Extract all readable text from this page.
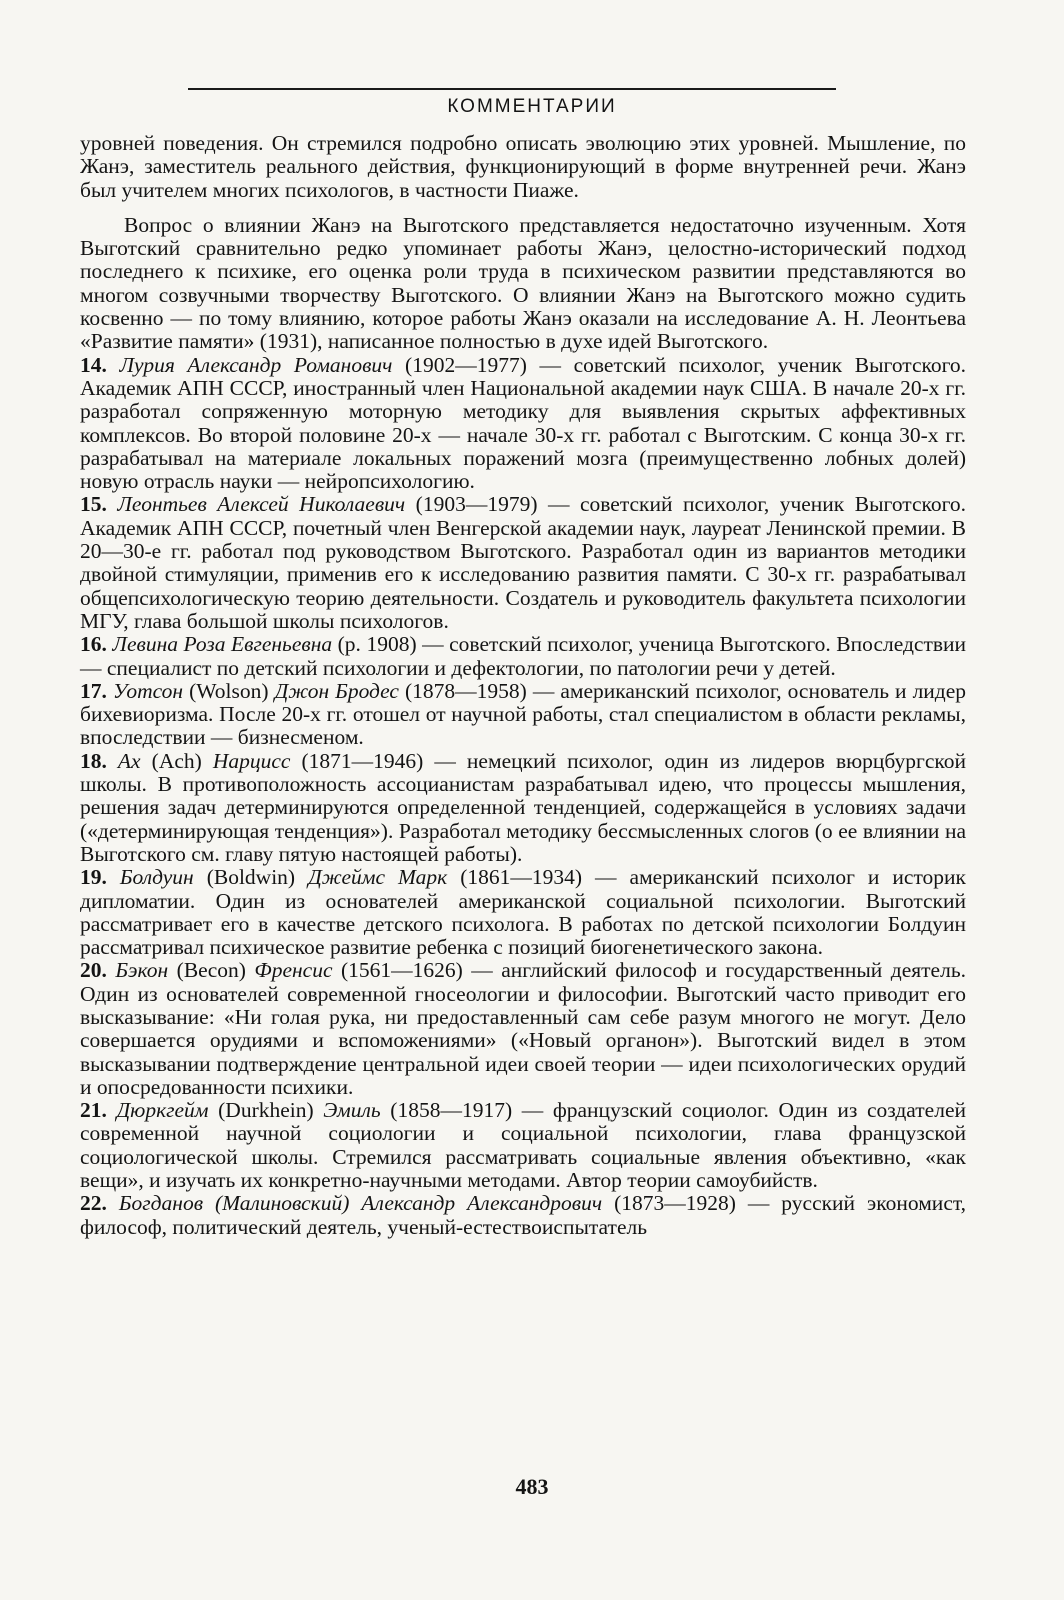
КОММЕНТАРИИ

уровней поведения. Он стремился подробно описать эволюцию этих уровней. Мышление, по Жанэ, заместитель реального действия, функционирующий в форме внутренней речи. Жанэ был учителем многих психологов, в частности Пиаже.

Вопрос о влиянии Жанэ на Выготского представляется недостаточно изученным. Хотя Выготский сравнительно редко упоминает работы Жанэ, целостно-исторический подход последнего к психике, его оценка роли труда в психическом развитии представляются во многом созвучными творчеству Выготского. О влиянии Жанэ на Выготского можно судить косвенно — по тому влиянию, которое работы Жанэ оказали на исследование А. Н. Леонтьева «Развитие памяти» (1931), написанное полностью в духе идей Выготского.

14. Лурия Александр Романович (1902—1977) — советский психолог, ученик Выготского. Академик АПН СССР, иностранный член Национальной академии наук США. В начале 20-х гг. разработал сопряженную моторную методику для выявления скрытых аффективных комплексов. Во второй половине 20-х — начале 30-х гг. работал с Выготским. С конца 30-х гг. разрабатывал на материале локальных поражений мозга (преимущественно лобных долей) новую отрасль науки — нейропсихологию.

15. Леонтьев Алексей Николаевич (1903—1979) — советский психолог, ученик Выготского. Академик АПН СССР, почетный член Венгерской академии наук, лауреат Ленинской премии. В 20—30-е гг. работал под руководством Выготского. Разработал один из вариантов методики двойной стимуляции, применив его к исследованию развития памяти. С 30-х гг. разрабатывал общепсихологическую теорию деятельности. Создатель и руководитель факультета психологии МГУ, глава большой школы психологов.

16. Левина Роза Евгеньевна (р. 1908) — советский психолог, ученица Выготского. Впоследствии — специалист по детский психологии и дефектологии, по патологии речи у детей.

17. Уотсон (Wolson) Джон Бродес (1878—1958) — американский психолог, основатель и лидер бихевиоризма. После 20-х гг. отошел от научной работы, стал специалистом в области рекламы, впоследствии — бизнесменом.

18. Ах (Ach) Нарцисс (1871—1946) — немецкий психолог, один из лидеров вюрцбургской школы. В противоположность ассоцианистам разрабатывал идею, что процессы мышления, решения задач детерминируются определенной тенденцией, содержащейся в условиях задачи («детерминирующая тенденция»). Разработал методику бессмысленных слогов (о ее влиянии на Выготского см. главу пятую настоящей работы).

19. Болдуин (Boldwin) Джеймс Марк (1861—1934) — американский психолог и историк дипломатии. Один из основателей американской социальной психологии. Выготский рассматривает его в качестве детского психолога. В работах по детской психологии Болдуин рассматривал психическое развитие ребенка с позиций биогенетического закона.

20. Бэкон (Becon) Френсис (1561—1626) — английский философ и государственный деятель. Один из основателей современной гносеологии и философии. Выготский часто приводит его высказывание: «Ни голая рука, ни предоставленный сам себе разум многого не могут. Дело совершается орудиями и вспоможениями» («Новый органон»). Выготский видел в этом высказывании подтверждение центральной идеи своей теории — идеи психологических орудий и опосредованности психики.

21. Дюркгейм (Durkhein) Эмиль (1858—1917) — французский социолог. Один из создателей современной научной социологии и социальной психологии, глава французской социологической школы. Стремился рассматривать социальные явления объективно, «как вещи», и изучать их конкретно-научными методами. Автор теории самоубийств.

22. Богданов (Малиновский) Александр Александрович (1873—1928) — русский экономист, философ, политический деятель, ученый-естествоиспытатель

483
